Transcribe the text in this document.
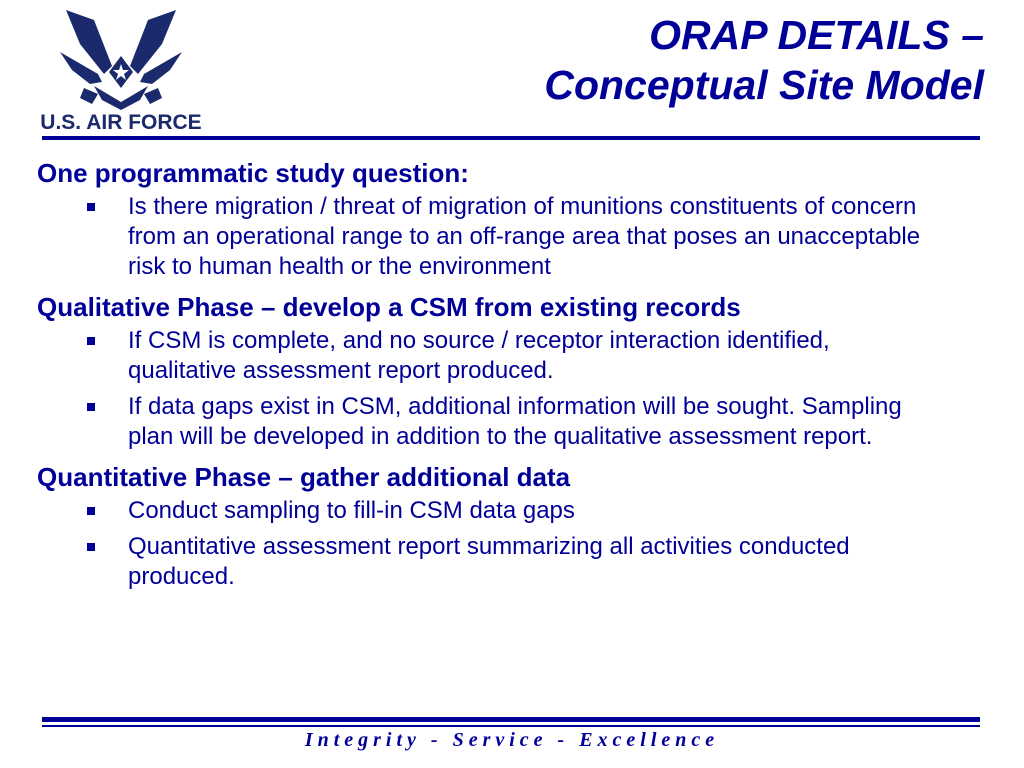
U.S. AIR FORCE
ORAP DETAILS –
Conceptual Site Model
One programmatic study question:
Is there migration / threat of migration of munitions constituents of concern from an operational range to an off-range area that poses an unacceptable risk to human health or the environment
Qualitative Phase – develop a CSM from existing records
If CSM is complete, and no source / receptor interaction identified, qualitative assessment report produced.
If data gaps exist in CSM, additional information will be sought. Sampling plan will be developed in addition to the qualitative assessment report.
Quantitative Phase – gather additional data
Conduct sampling to fill-in CSM data gaps
Quantitative assessment report summarizing all activities conducted produced.
Integrity - Service - Excellence
